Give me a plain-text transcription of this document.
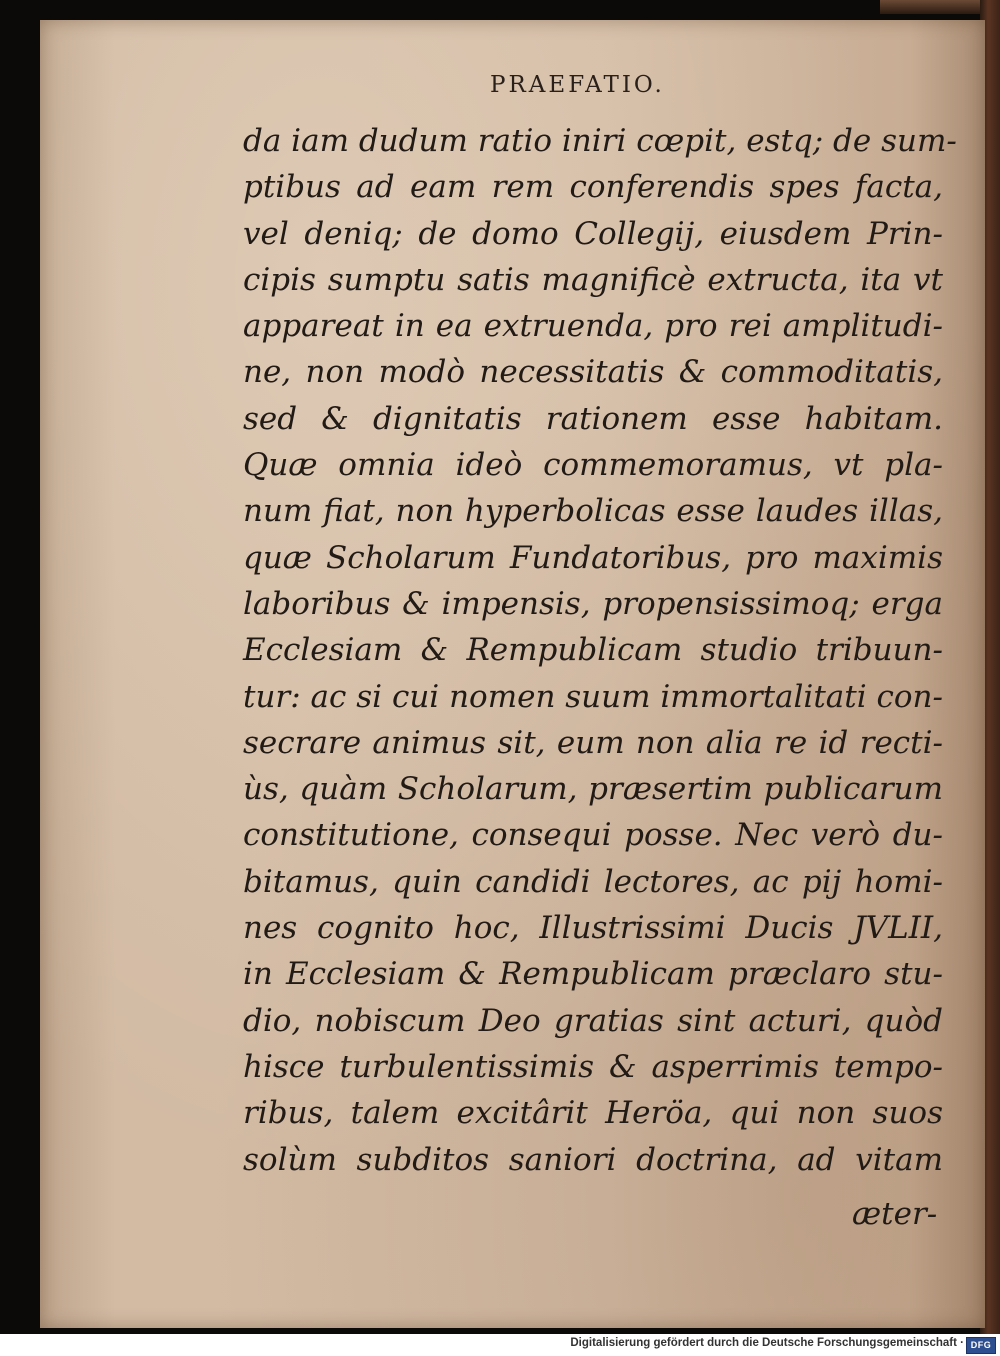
PRAEFATIO.
da iam dudum ratio iniri cœpit, estq; de sum-
ptibus ad eam rem conferendis spes facta,
vel deniq; de domo Collegij, eiusdem Prin-
cipis sumptu satis magnificè extructa, ita vt
appareat in ea extruenda, pro rei amplitudi-
ne, non modò necessitatis & commoditatis,
sed & dignitatis rationem esse habitam.
Quæ omnia ideò commemoramus, vt pla-
num fiat, non hyperbolicas esse laudes illas,
quæ Scholarum Fundatoribus, pro maximis
laboribus & impensis, propensissimoq; erga
Ecclesiam & Rempublicam studio tribuun-
tur: ac si cui nomen suum immortalitati con-
secrare animus sit, eum non alia re id recti-
ùs, quàm Scholarum, præsertim publicarum
constitutione, consequi posse. Nec verò du-
bitamus, quin candidi lectores, ac pij homi-
nes cognito hoc, Illustrissimi Ducis JVLII,
in Ecclesiam & Rempublicam præclaro stu-
dio, nobiscum Deo gratias sint acturi, quòd
hisce turbulentissimis & asperrimis tempo-
ribus, talem excitârit Heröa, qui non suos
solùm subditos saniori doctrina, ad vitam
æter-
Digitalisierung gefördert durch die Deutsche Forschungsgemeinschaft · DFG
